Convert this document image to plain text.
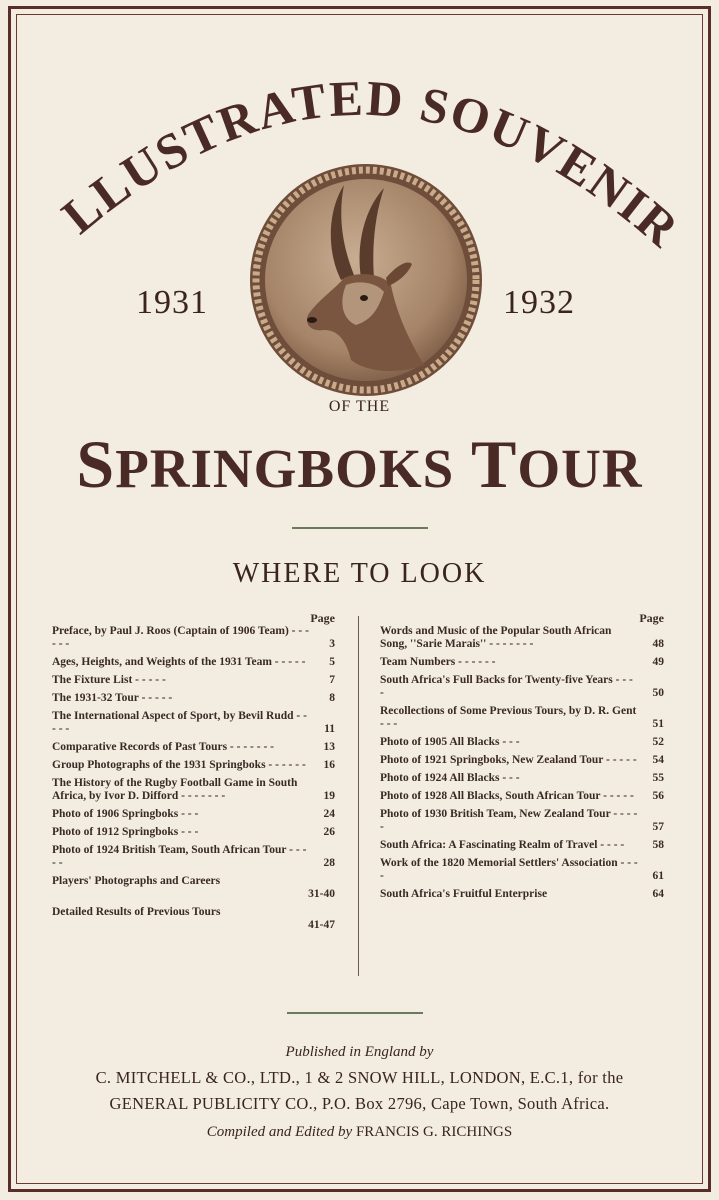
LLUSTRATED SOUVENIR
1931	1932
OF THE
SPRINGBOKS TOUR
WHERE TO LOOK
Page
Preface, by Paul J. Roos (Captain of 1906 Team) - - - - - -	3
Ages, Heights, and Weights of the 1931 Team - - - - -	5
The Fixture List - - - - -	7
The 1931-32 Tour - - - - -	8
The International Aspect of Sport, by Bevil Rudd - - - - -	11
Comparative Records of Past Tours - - - - - - -	13
Group Photographs of the 1931 Springboks - - - - - - 16
The History of the Rugby Football Game in South Africa, by Ivor D. Difford - - - - - - -	19
Photo of 1906 Springboks - - -	24
Photo of 1912 Springboks - - -	26
Photo of 1924 British Team, South African Tour - - - - -	28
Players' Photographs and Careers
31-40
Detailed Results of Previous Tours
41-47
Page
Words and Music of the Popular South African Song, ''Sarie Marais'' - - - - - - -	48
Team Numbers - - - - - -	49
South Africa's Full Backs for Twenty-five Years - - - -	50
Recollections of Some Previous Tours, by D. R. Gent - - -	51
Photo of 1905 All Blacks - - -	52
Photo of 1921 Springboks, New Zealand Tour - - - - - 54
Photo of 1924 All Blacks - - -	55
Photo of 1928 All Blacks, South African Tour - - - - -	56
Photo of 1930 British Team, New Zealand Tour - - - - -	57
South Africa: A Fascinating Realm of Travel - - - -	58
Work of the 1820 Memorial Settlers' Association - - - -	61
South Africa's Fruitful Enterprise	64
Published in England by
C. MITCHELL & CO., LTD., 1 & 2 SNOW HILL, LONDON, E.C.1, for the
GENERAL PUBLICITY CO., P.O. Box 2796, Cape Town, South Africa.
Compiled and Edited by FRANCIS G. RICHINGS
